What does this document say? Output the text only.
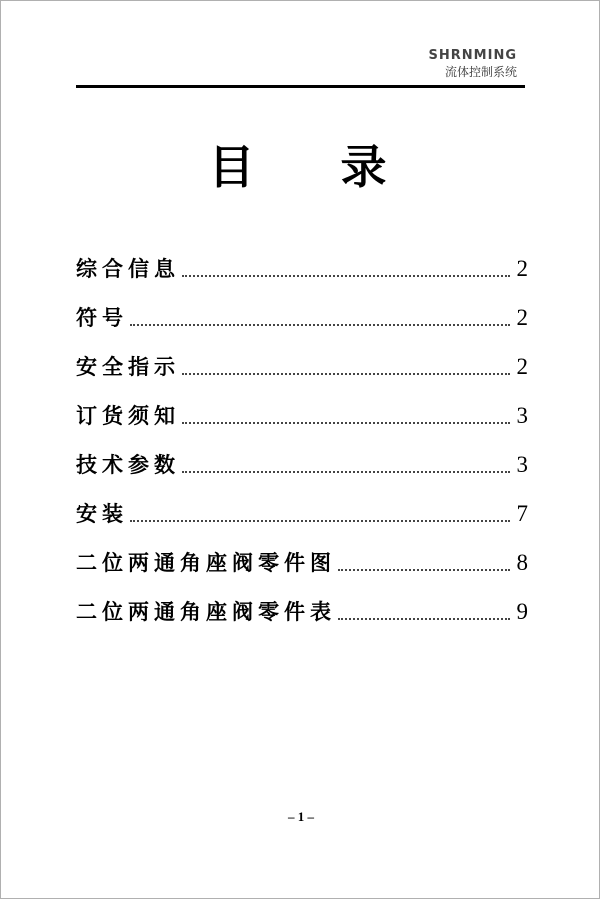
SHRNMING
流体控制系统
目 录
综合信息	2
符号	2
安全指示	2
订货须知	3
技术参数	3
安装	7
二位两通角座阀零件图	8
二位两通角座阀零件表	9
– 1 –
